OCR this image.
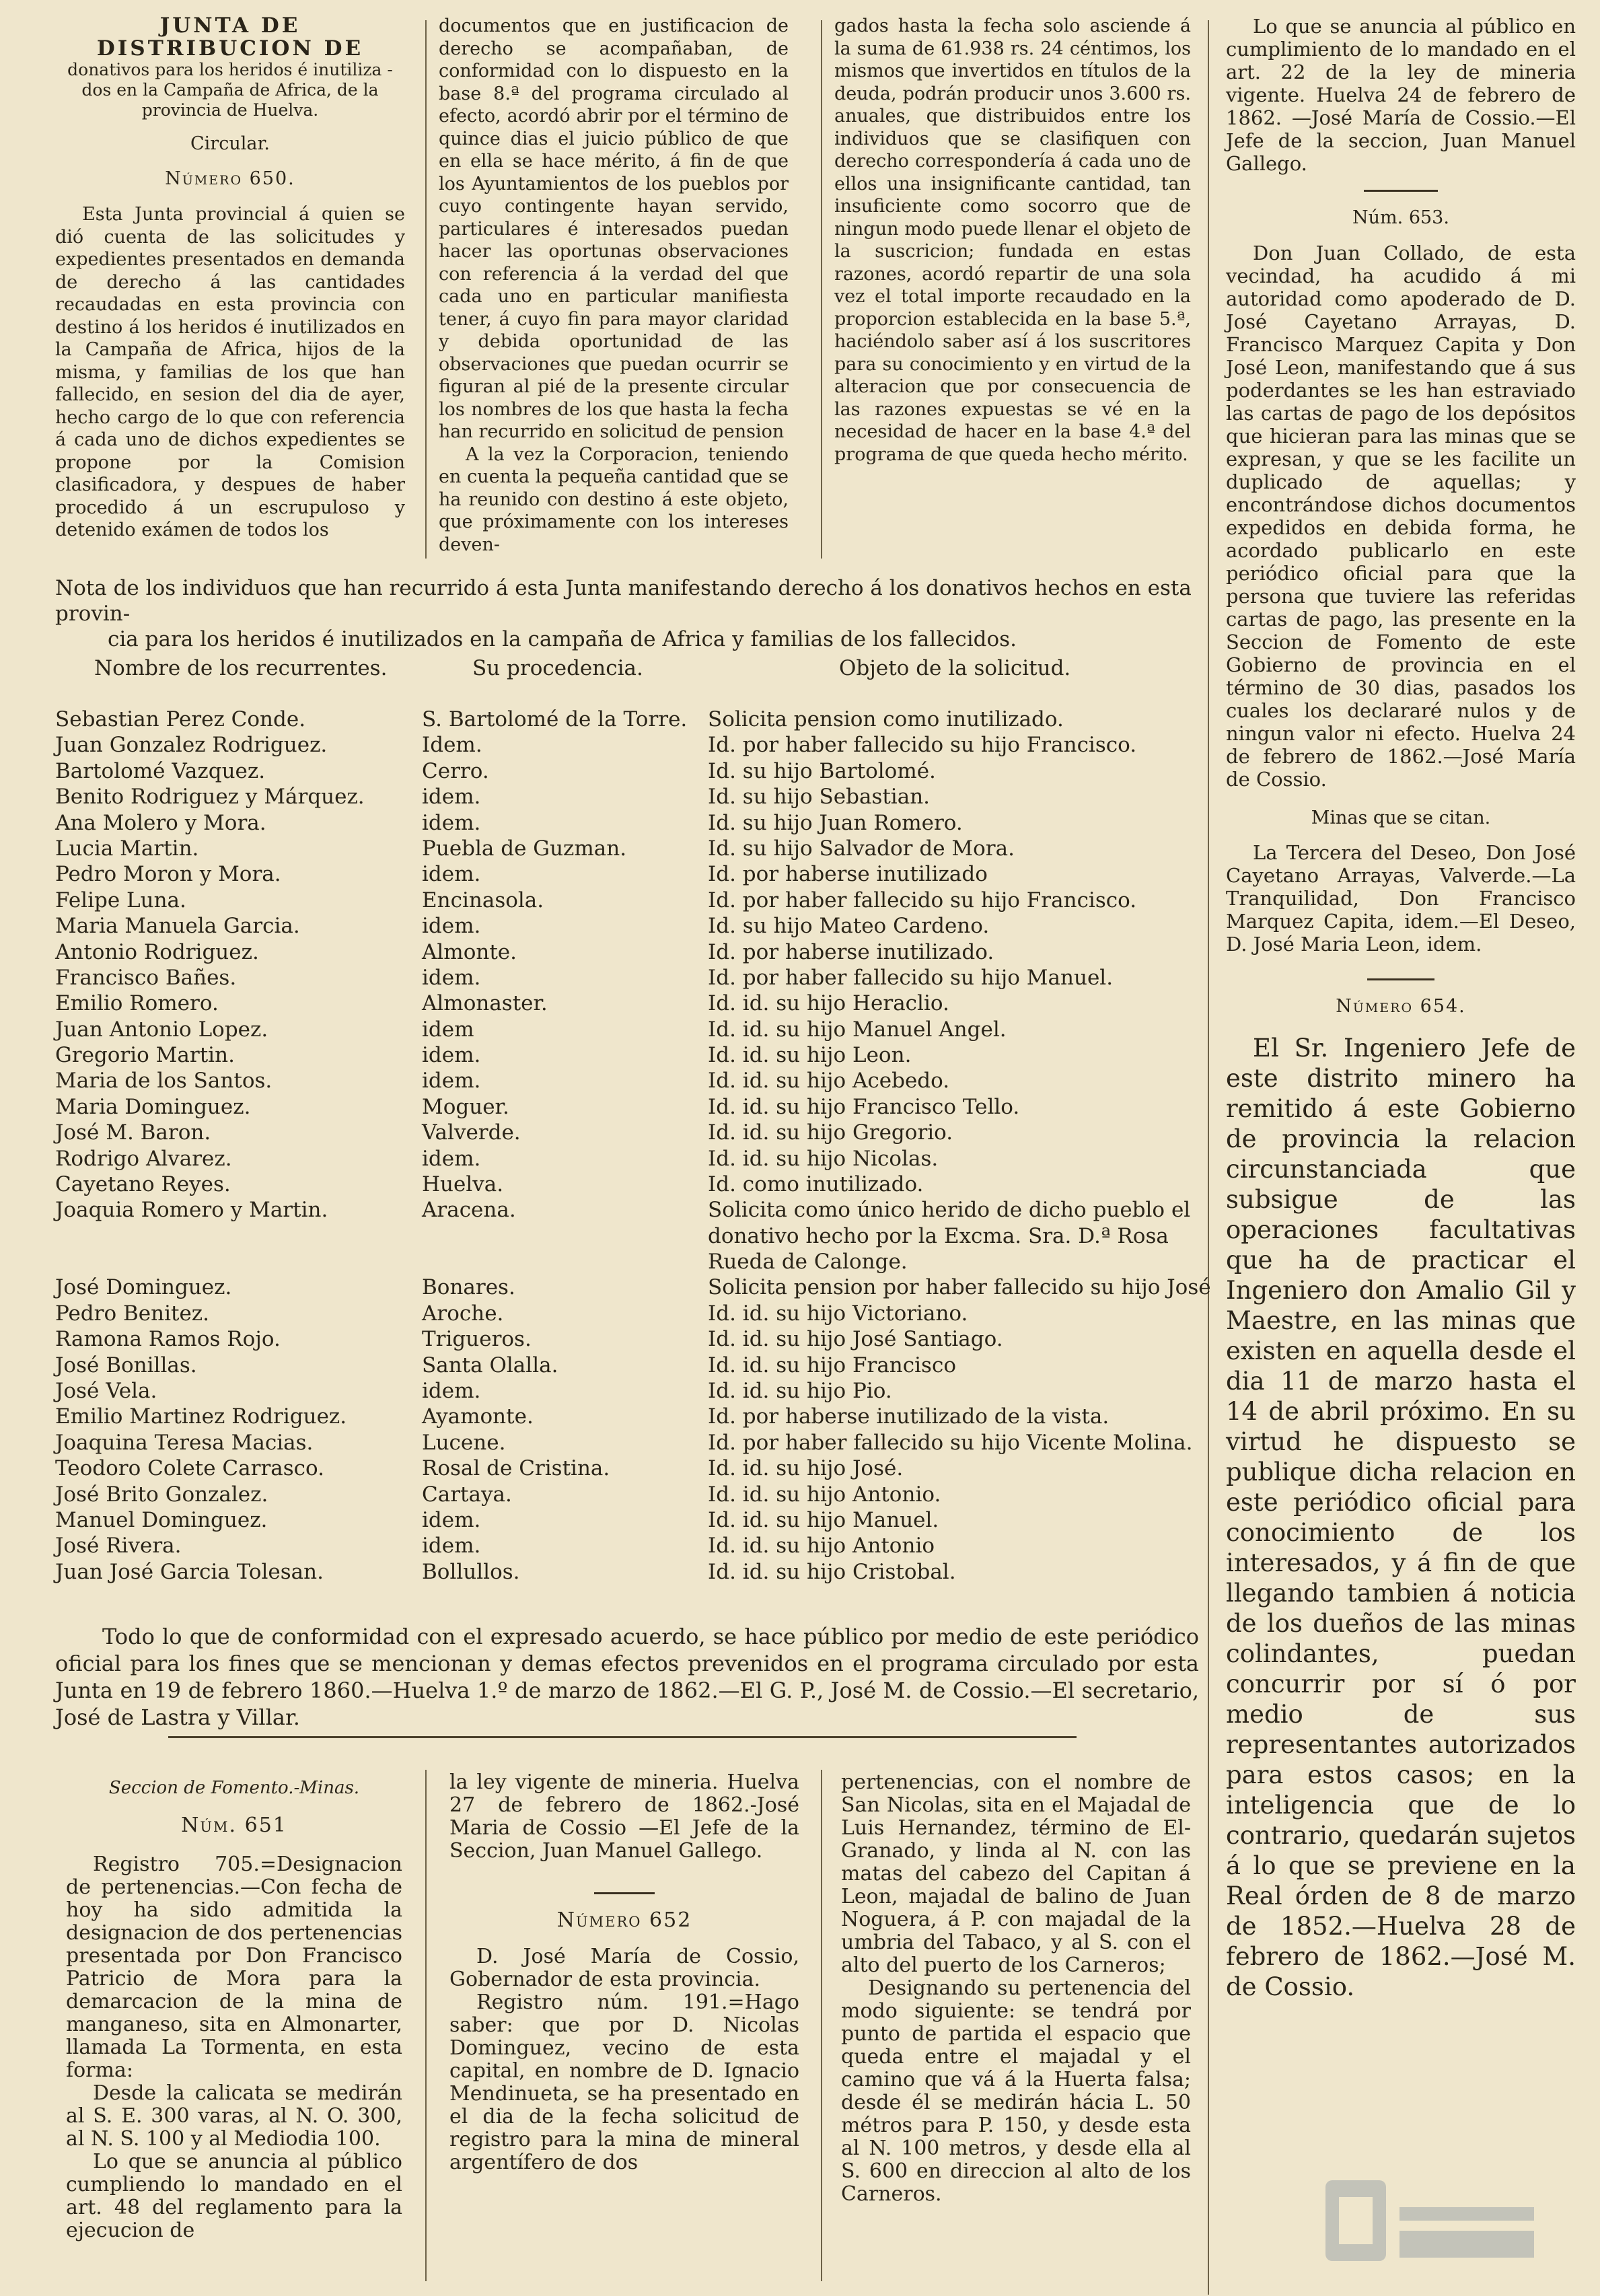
JUNTA DE DISTRIBUCION DE

donativos para los heridos é inutiliza - dos en la Campaña de Africa, de la provincia de Huelva.

Circular.

Número 650.

Esta Junta provincial á quien se dió cuenta de las solicitudes y expedientes presentados en demanda de derecho á las cantidades recaudadas en esta provincia con destino á los heridos é inutilizados en la Campaña de Africa, hijos de la misma, y familias de los que han fallecido, en sesion del dia de ayer, hecho cargo de lo que con referencia á cada uno de dichos expedientes se propone por la Comision clasificadora, y despues de haber procedido á un escrupuloso y detenido exámen de todos los

documentos que en justificacion de derecho se acompañaban, de conformidad con lo dispuesto en la base 8.ª del programa circulado al efecto, acordó abrir por el término de quince dias el juicio público de que en ella se hace mérito, á fin de que los Ayuntamientos de los pueblos por cuyo contingente hayan servido, particulares é interesados puedan hacer las oportunas observaciones con referencia á la verdad del que cada uno en particular manifiesta tener, á cuyo fin para mayor claridad y debida oportunidad de las observaciones que puedan ocurrir se figuran al pié de la presente circular los nombres de los que hasta la fecha han recurrido en solicitud de pension

A la vez la Corporacion, teniendo en cuenta la pequeña cantidad que se ha reunido con destino á este objeto, que próximamente con los intereses deven-

gados hasta la fecha solo asciende á la suma de 61.938 rs. 24 céntimos, los mismos que invertidos en títulos de la deuda, podrán producir unos 3.600 rs. anuales, que distribuidos entre los individuos que se clasifiquen con derecho correspondería á cada uno de ellos una insignificante cantidad, tan insuficiente como socorro que de ningun modo puede llenar el objeto de la suscricion; fundada en estas razones, acordó repartir de una sola vez el total importe recaudado en la proporcion establecida en la base 5.ª, haciéndolo saber así á los suscritores para su conocimiento y en virtud de la alteracion que por consecuencia de las razones expuestas se vé en la necesidad de hacer en la base 4.ª del programa de que queda hecho mérito.

Nota de los individuos que han recurrido á esta Junta manifestando derecho á los donativos hechos en esta provin-

cia para los heridos é inutilizados en la campaña de Africa y familias de los fallecidos.

Nombre de los recurrentes.	Su procedencia.	Objeto de la solicitud.
Sebastian Perez Conde.	S. Bartolomé de la Torre. Solicita pension como inutilizado.
Juan Gonzalez Rodriguez.	Idem.	Id. por haber fallecido su hijo Francisco.
Bartolomé Vazquez.	Cerro.	Id. su hijo Bartolomé.
Benito Rodriguez y Márquez.	idem.	Id. su hijo Sebastian.
Ana Molero y Mora.	idem.	Id. su hijo Juan Romero.
Lucia Martin.	Puebla de Guzman.	Id. su hijo Salvador de Mora.
Pedro Moron y Mora.	idem.	Id. por haberse inutilizado
Felipe Luna.	Encinasola.	Id. por haber fallecido su hijo Francisco.
Maria Manuela Garcia.	idem.	Id. su hijo Mateo Cardeno.
Antonio Rodriguez.	Almonte.	Id. por haberse inutilizado.
Francisco Bañes.	idem.	Id. por haber fallecido su hijo Manuel.
Emilio Romero.	Almonaster.	Id. id. su hijo Heraclio.
Juan Antonio Lopez.	idem	Id. id. su hijo Manuel Angel.
Gregorio Martin.	idem.	Id. id. su hijo Leon.
Maria de los Santos.	idem.	Id. id. su hijo Acebedo.
Maria Dominguez.	Moguer.	Id. id. su hijo Francisco Tello.
José M. Baron.	Valverde.	Id. id. su hijo Gregorio.
Rodrigo Alvarez.	idem.	Id. id. su hijo Nicolas.
Cayetano Reyes.	Huelva.	Id. como inutilizado.
Joaquia Romero y Martin.	Aracena.	Solicita como único herido de dicho pueblo el donativo hecho por la Excma. Sra. D.ª Rosa Rueda de Calonge.
José Dominguez.	Bonares.	Solicita pension por haber fallecido su hijo José
Pedro Benitez.	Aroche.	Id. id. su hijo Victoriano.
Ramona Ramos Rojo.	Trigueros.	Id. id. su hijo José Santiago.
José Bonillas.	Santa Olalla.	Id. id. su hijo Francisco
José Vela.	idem.	Id. id. su hijo Pio.
Emilio Martinez Rodriguez.	Ayamonte.	Id. por haberse inutilizado de la vista.
Joaquina Teresa Macias.	Lucene.	Id. por haber fallecido su hijo Vicente Molina.
Teodoro Colete Carrasco.	Rosal de Cristina.	Id. id. su hijo José.
José Brito Gonzalez.	Cartaya.	Id. id. su hijo Antonio.
Manuel Dominguez.	idem.	Id. id. su hijo Manuel.
José Rivera.	idem.	Id. id. su hijo Antonio
Juan José Garcia Tolesan.	Bollullos.	Id. id. su hijo Cristobal.

Todo lo que de conformidad con el expresado acuerdo, se hace público por medio de este periódico oficial para los fines que se mencionan y demas efectos prevenidos en el programa circulado por esta Junta en 19 de febrero 1860.—Huelva 1.º de marzo de 1862.—El G. P., José M. de Cossio.—El secretario, José de Lastra y Villar.

Lo que se anuncia al público en cumplimiento de lo mandado en el art. 22 de la ley de mineria vigente. Huelva 24 de febrero de 1862. —José María de Cossio.—El Jefe de la seccion, Juan Manuel Gallego.

Núm. 653.

Don Juan Collado, de esta vecindad, ha acudido á mi autoridad como apoderado de D. José Cayetano Arrayas, D. Francisco Marquez Capita y Don José Leon, manifestando que á sus poderdantes se les han estraviado las cartas de pago de los depósitos que hicieran para las minas que se expresan, y que se les facilite un duplicado de aquellas; y encontrándose dichos documentos expedidos en debida forma, he acordado publicarlo en este periódico oficial para que la persona que tuviere las referidas cartas de pago, las presente en la Seccion de Fomento de este Gobierno de provincia en el término de 30 dias, pasados los cuales los declararé nulos y de ningun valor ni efecto. Huelva 24 de febrero de 1862.—José María de Cossio.

Minas que se citan.

La Tercera del Deseo, Don José Cayetano Arrayas, Valverde.—La Tranquilidad, Don Francisco Marquez Capita, idem.—El Deseo, D. José Maria Leon, idem.

Número 654.

El Sr. Ingeniero Jefe de este distrito minero ha remitido á este Gobierno de provincia la relacion circunstanciada que subsigue de las operaciones facultativas que ha de practicar el Ingeniero don Amalio Gil y Maestre, en las minas que existen en aquella desde el dia 11 de marzo hasta el 14 de abril próximo. En su virtud he dispuesto se publique dicha relacion en este periódico oficial para conocimiento de los interesados, y á fin de que llegando tambien á noticia de los dueños de las minas colindantes, puedan concurrir por sí ó por medio de sus representantes autorizados para estos casos; en la inteligencia que de lo contrario, quedarán sujetos á lo que se previene en la Real órden de 8 de marzo de 1852.—Huelva 28 de febrero de 1862.—José M. de Cossio.

Seccion de Fomento.-Minas.

Núm. 651

Registro 705.=Designacion de pertenencias.—Con fecha de hoy ha sido admitida la designacion de dos pertenencias presentada por Don Francisco Patricio de Mora para la demarcacion de la mina de manganeso, sita en Almonarter, llamada La Tormenta, en esta forma:

Desde la calicata se medirán al S. E. 300 varas, al N. O. 300, al N. S. 100 y al Mediodia 100.

Lo que se anuncia al público cumpliendo lo mandado en el art. 48 del reglamento para la ejecucion de

la ley vigente de mineria. Huelva 27 de febrero de 1862.-José Maria de Cossio —El Jefe de la Seccion, Juan Manuel Gallego.

Número 652

D. José María de Cossio, Gobernador de esta provincia.

Registro núm. 191.=Hago saber: que por D. Nicolas Dominguez, vecino de esta capital, en nombre de D. Ignacio Mendinueta, se ha presentado en el dia de la fecha solicitud de registro para la mina de mineral argentífero de dos

pertenencias, con el nombre de San Nicolas, sita en el Majadal de Luis Hernandez, término de El-Granado, y linda al N. con las matas del cabezo del Capitan á Leon, majadal de balino de Juan Noguera, á P. con majadal de la umbria del Tabaco, y al S. con el alto del puerto de los Carneros;

Designando su pertenencia del modo siguiente: se tendrá por punto de partida el espacio que queda entre el majadal y el camino que vá á la Huerta falsa; desde él se medirán hácia L. 50 métros para P. 150, y desde esta al N. 100 metros, y desde ella al S. 600 en direccion al alto de los Carneros.
